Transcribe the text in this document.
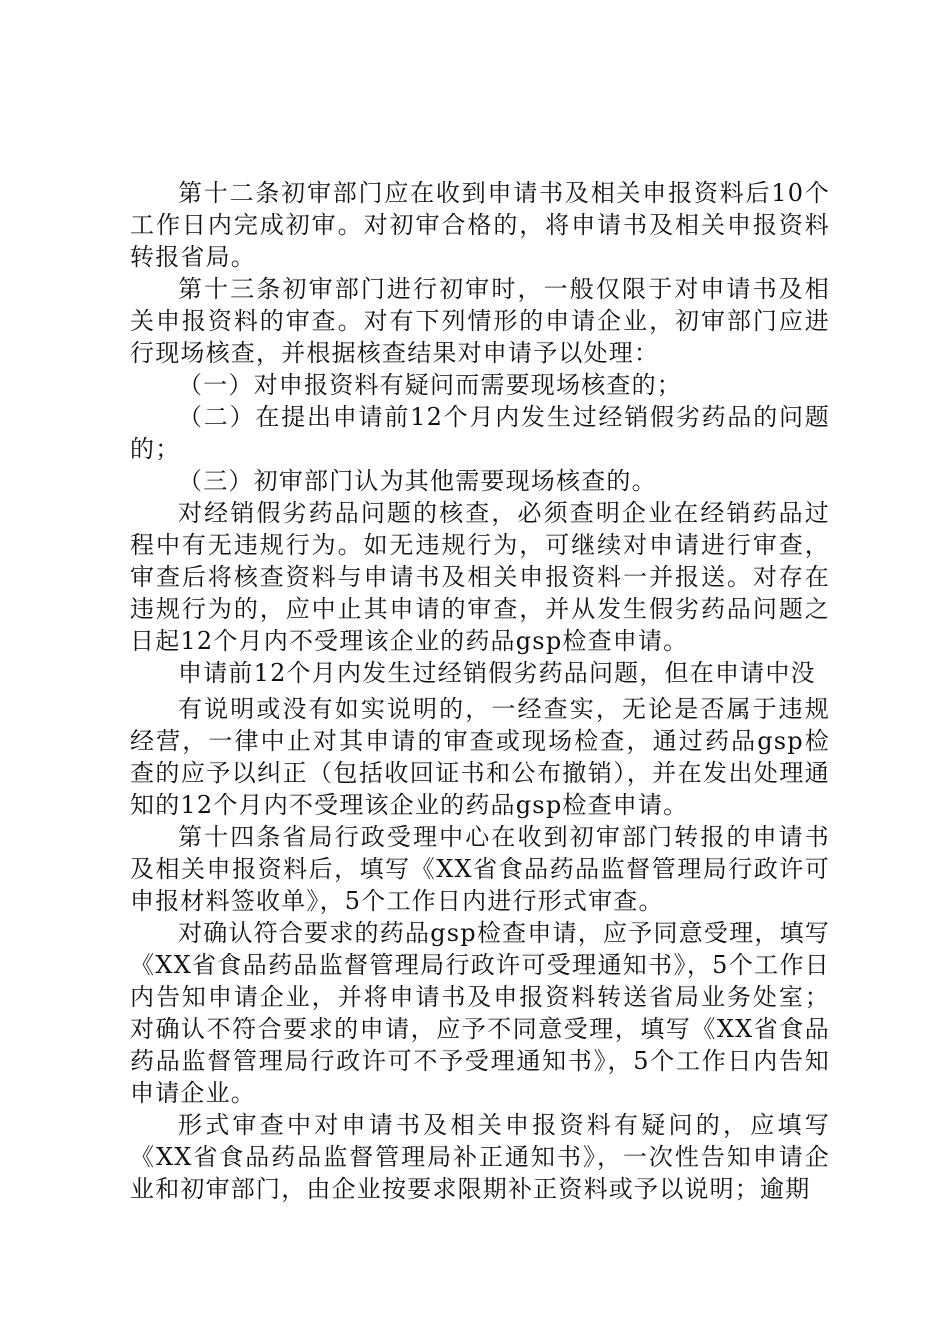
第十二条初审部门应在收到申请书及相关申报资料后10个工作日内完成初审。对初审合格的，将申请书及相关申报资料转报省局。

第十三条初审部门进行初审时，一般仅限于对申请书及相关申报资料的审查。对有下列情形的申请企业，初审部门应进行现场核查，并根据核查结果对申请予以处理：

（一）对申报资料有疑问而需要现场核查的；

（二）在提出申请前12个月内发生过经销假劣药品的问题的；

（三）初审部门认为其他需要现场核查的。

对经销假劣药品问题的核查，必须查明企业在经销药品过程中有无违规行为。如无违规行为，可继续对申请进行审查，审查后将核查资料与申请书及相关申报资料一并报送。对存在违规行为的，应中止其申请的审查，并从发生假劣药品问题之日起12个月内不受理该企业的药品gsp检查申请。

申请前12个月内发生过经销假劣药品问题，但在申请中没

有说明或没有如实说明的，一经查实，无论是否属于违规经营，一律中止对其申请的审查或现场检查，通过药品gsp检查的应予以纠正（包括收回证书和公布撤销），并在发出处理通知的12个月内不受理该企业的药品gsp检查申请。

第十四条省局行政受理中心在收到初审部门转报的申请书及相关申报资料后，填写《XX省食品药品监督管理局行政许可申报材料签收单》，5个工作日内进行形式审查。

对确认符合要求的药品gsp检查申请，应予同意受理，填写《XX省食品药品监督管理局行政许可受理通知书》，5个工作日内告知申请企业，并将申请书及申报资料转送省局业务处室；对确认不符合要求的申请，应予不同意受理，填写《XX省食品药品监督管理局行政许可不予受理通知书》，5个工作日内告知申请企业。

形式审查中对申请书及相关申报资料有疑问的，应填写《XX省食品药品监督管理局补正通知书》，一次性告知申请企业和初审部门，由企业按要求限期补正资料或予以说明；逾期
